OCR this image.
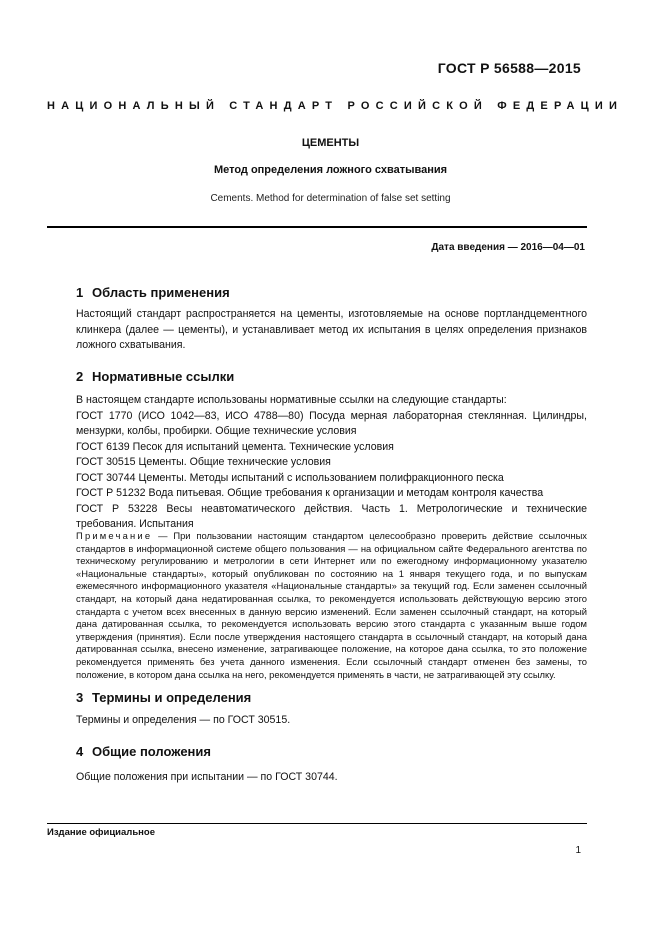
ГОСТ Р 56588—2015
НАЦИОНАЛЬНЫЙ СТАНДАРТ РОССИЙСКОЙ ФЕДЕРАЦИИ
ЦЕМЕНТЫ
Метод определения ложного схватывания
Cements. Method for determination of false set setting
Дата введения — 2016—04—01
1 Область применения

Настоящий стандарт распространяется на цементы, изготовляемые на основе портландцементного клинкера (далее — цементы), и устанавливает метод их испытания в целях определения признаков ложного схватывания.

2 Нормативные ссылки

В настоящем стандарте использованы нормативные ссылки на следующие стандарты:

ГОСТ 1770 (ИСО 1042—83, ИСО 4788—80) Посуда мерная лабораторная стеклянная. Цилиндры, мензурки, колбы, пробирки. Общие технические условия

ГОСТ 6139 Песок для испытаний цемента. Технические условия

ГОСТ 30515 Цементы. Общие технические условия

ГОСТ 30744 Цементы. Методы испытаний с использованием полифракционного песка

ГОСТ Р 51232 Вода питьевая. Общие требования к организации и методам контроля качества

ГОСТ Р 53228 Весы неавтоматического действия. Часть 1. Метрологические и технические требования. Испытания

Примечание — При пользовании настоящим стандартом целесообразно проверить действие ссылочных стандартов в информационной системе общего пользования — на официальном сайте Федерального агентства по техническому регулированию и метрологии в сети Интернет или по ежегодному информационному указателю «Национальные стандарты», который опубликован по состоянию на 1 января текущего года, и по выпускам ежемесячного информационного указателя «Национальные стандарты» за текущий год. Если заменен ссылочный стандарт, на который дана недатированная ссылка, то рекомендуется использовать действующую версию этого стандарта с учетом всех внесенных в данную версию изменений. Если заменен ссылочный стандарт, на который дана датированная ссылка, то рекомендуется использовать версию этого стандарта с указанным выше годом утверждения (принятия). Если после утверждения настоящего стандарта в ссылочный стандарт, на который дана датированная ссылка, внесено изменение, затрагивающее положение, на которое дана ссылка, то это положение рекомендуется применять без учета данного изменения. Если ссылочный стандарт отменен без замены, то положение, в котором дана ссылка на него, рекомендуется применять в части, не затрагивающей эту ссылку.
3 Термины и определения

Термины и определения — по ГОСТ 30515.

4 Общие положения

Общие положения при испытании — по ГОСТ 30744.

Издание официальное
1
